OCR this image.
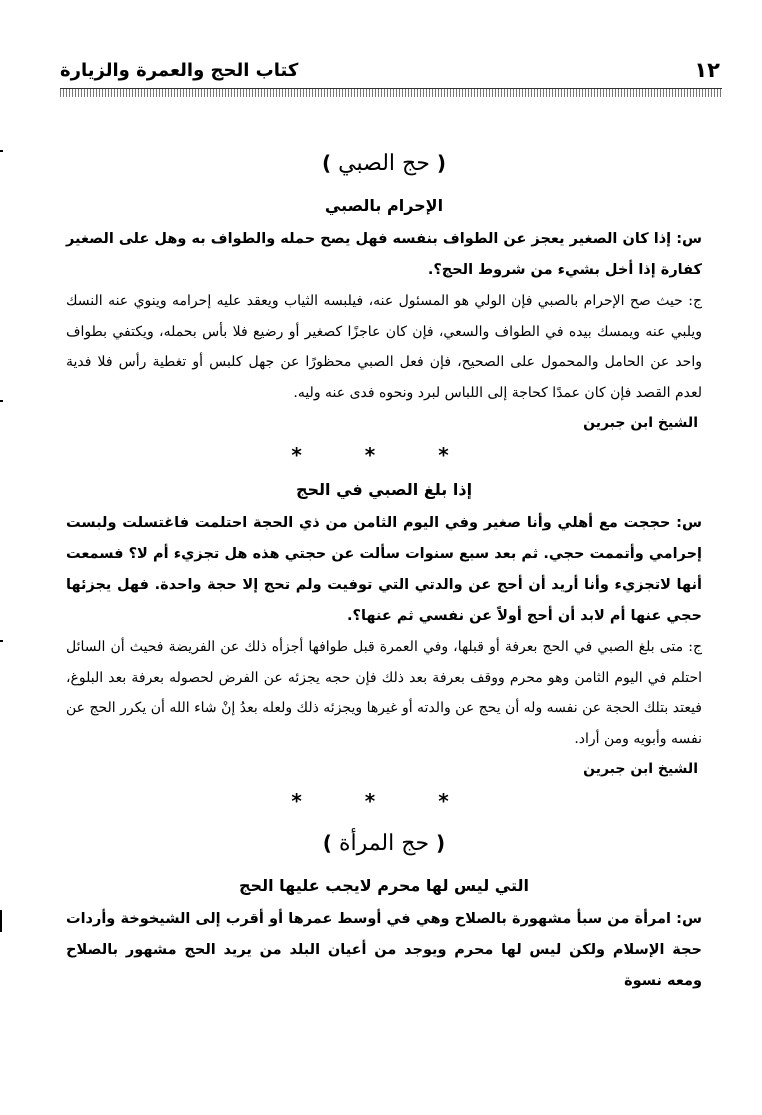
١٢
كتاب الحج والعمرة والزيارة
( حج الصبي )
الإحرام بالصبي

س: إذا كان الصغير يعجز عن الطواف بنفسه فهل يصح حمله والطواف به وهل على الصغير كفارة إذا أخل بشيء من شروط الحج؟.

ج: حيث صح الإحرام بالصبي فإن الولي هو المسئول عنه، فيلبسه الثياب ويعقد عليه إحرامه وينوي عنه النسك ويلبي عنه ويمسك بيده في الطواف والسعي، فإن كان عاجزًا كصغير أو رضيع فلا بأس بحمله، ويكتفي بطواف واحد عن الحامل والمحمول على الصحيح، فإن فعل الصبي محظورًا عن جهل كلبس أو تغطية رأس فلا فدية لعدم القصد فإن كان عمدًا كحاجة إلى اللباس لبرد ونحوه فدى عنه وليه.

الشيخ ابن جبرين

* * *

إذا بلغ الصبي في الحج

س: حججت مع أهلي وأنا صغير وفي اليوم الثامن من ذي الحجة احتلمت فاغتسلت ولبست إحرامي وأتممت حجي. ثم بعد سبع سنوات سألت عن حجتي هذه هل تجزيء أم لا؟ فسمعت أنها لاتجزيء وأنا أريد أن أحج عن والدتي التي توفيت ولم تحج إلا حجة واحدة. فهل يجزئها حجي عنها أم لابد أن أحج أولاً عن نفسي ثم عنها؟.

ج: متى بلغ الصبي في الحج بعرفة أو قبلها، وفي العمرة قبل طوافها أجزأه ذلك عن الفريضة فحيث أن السائل احتلم في اليوم الثامن وهو محرم ووقف بعرفة بعد ذلك فإن حجه يجزئه عن الفرض لحصوله بعرفة بعد البلوغ، فيعتد بتلك الحجة عن نفسه وله أن يحج عن والدته أو غيرها ويجزئه ذلك ولعله بعدُ إنْ شاء الله أن يكرر الحج عن نفسه وأبويه ومن أراد.

الشيخ ابن جبرين

* * *

( حج المرأة )
التي ليس لها محرم لايجب عليها الحج

س: امرأة من سبأ مشهورة بالصلاح وهي في أوسط عمرها أو أقرب إلى الشيخوخة وأردات حجة الإسلام ولكن ليس لها محرم ويوجد من أعيان البلد من يريد الحج مشهور بالصلاح ومعه نسوة
